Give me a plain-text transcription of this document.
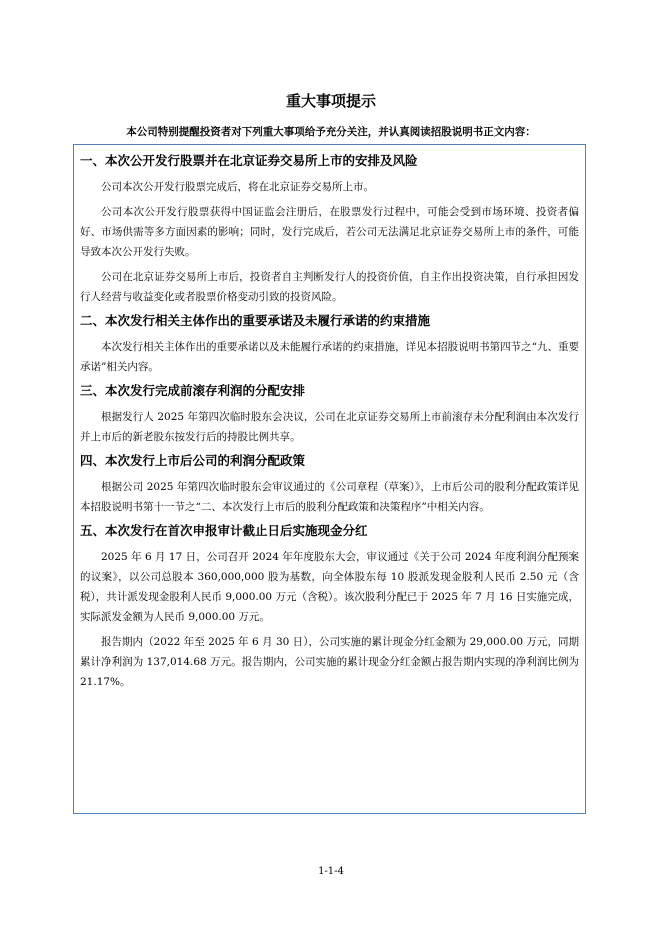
重大事项提示
本公司特别提醒投资者对下列重大事项给予充分关注，并认真阅读招股说明书正文内容：
一、本次公开发行股票并在北京证券交易所上市的安排及风险

公司本次公开发行股票完成后，将在北京证券交易所上市。

公司本次公开发行股票获得中国证监会注册后，在股票发行过程中，可能会受到市场环境、投资者偏好、市场供需等多方面因素的影响；同时，发行完成后，若公司无法满足北京证券交易所上市的条件，可能导致本次公开发行失败。

公司在北京证券交易所上市后，投资者自主判断发行人的投资价值，自主作出投资决策，自行承担因发行人经营与收益变化或者股票价格变动引致的投资风险。

二、本次发行相关主体作出的重要承诺及未履行承诺的约束措施

本次发行相关主体作出的重要承诺以及未能履行承诺的约束措施，详见本招股说明书第四节之“九、重要承诺”相关内容。

三、本次发行完成前滚存利润的分配安排

根据发行人 2025 年第四次临时股东会决议，公司在北京证券交易所上市前滚存未分配利润由本次发行并上市后的新老股东按发行后的持股比例共享。

四、本次发行上市后公司的利润分配政策

根据公司 2025 年第四次临时股东会审议通过的《公司章程（草案）》，上市后公司的股利分配政策详见本招股说明书第十一节之“二、本次发行上市后的股利分配政策和决策程序”中相关内容。

五、本次发行在首次申报审计截止日后实施现金分红

2025 年 6 月 17 日，公司召开 2024 年年度股东大会，审议通过《关于公司 2024 年度利润分配预案的议案》，以公司总股本 360,000,000 股为基数，向全体股东每 10 股派发现金股利人民币 2.50 元（含税），共计派发现金股利人民币 9,000.00 万元（含税）。该次股利分配已于 2025 年 7 月 16 日实施完成，实际派发金额为人民币 9,000.00 万元。

报告期内（2022 年至 2025 年 6 月 30 日），公司实施的累计现金分红金额为 29,000.00 万元，同期累计净利润为 137,014.68 万元。报告期内，公司实施的累计现金分红金额占报告期内实现的净利润比例为 21.17%。

1-1-4
